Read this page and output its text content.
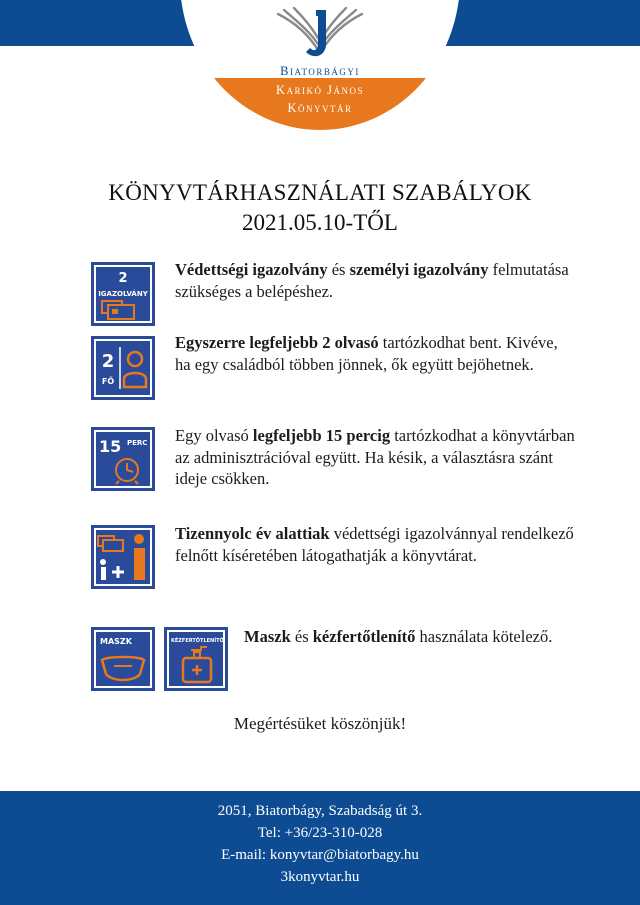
Biatorbágyi
Karikó János
Könyvtár
KÖNYVTÁRHASZNÁLATI SZABÁLYOK
2021.05.10-TŐL
2
IGAZOLVÁNY
Védettségi igazolvány és személyi igazolvány felmutatása szükséges a belépéshez.
2
FŐ
Egyszerre legfeljebb 2 olvasó tartózkodhat bent. Kivéve, ha egy családból többen jönnek, ők együtt bejöhetnek.
15 PERC Egy olvasó legfeljebb 15 percig tartózkodhat a könyvtárban az adminisztrációval együtt. Ha késik, a választásra szánt ideje csökken.
Tizennyolc év alattiak védettségi igazolvánnyal rendelkező felnőtt kíséretében látogathatják a könyvtárat.
MASZK	KÉZFERTŐTLENÍTŐ Maszk és kézfertőtlenítő használata kötelező.
Megértésüket köszönjük!
2051, Biatorbágy, Szabadság út 3.
Tel: +36/23-310-028
E-mail: konyvtar@biatorbagy.hu
3konyvtar.hu
